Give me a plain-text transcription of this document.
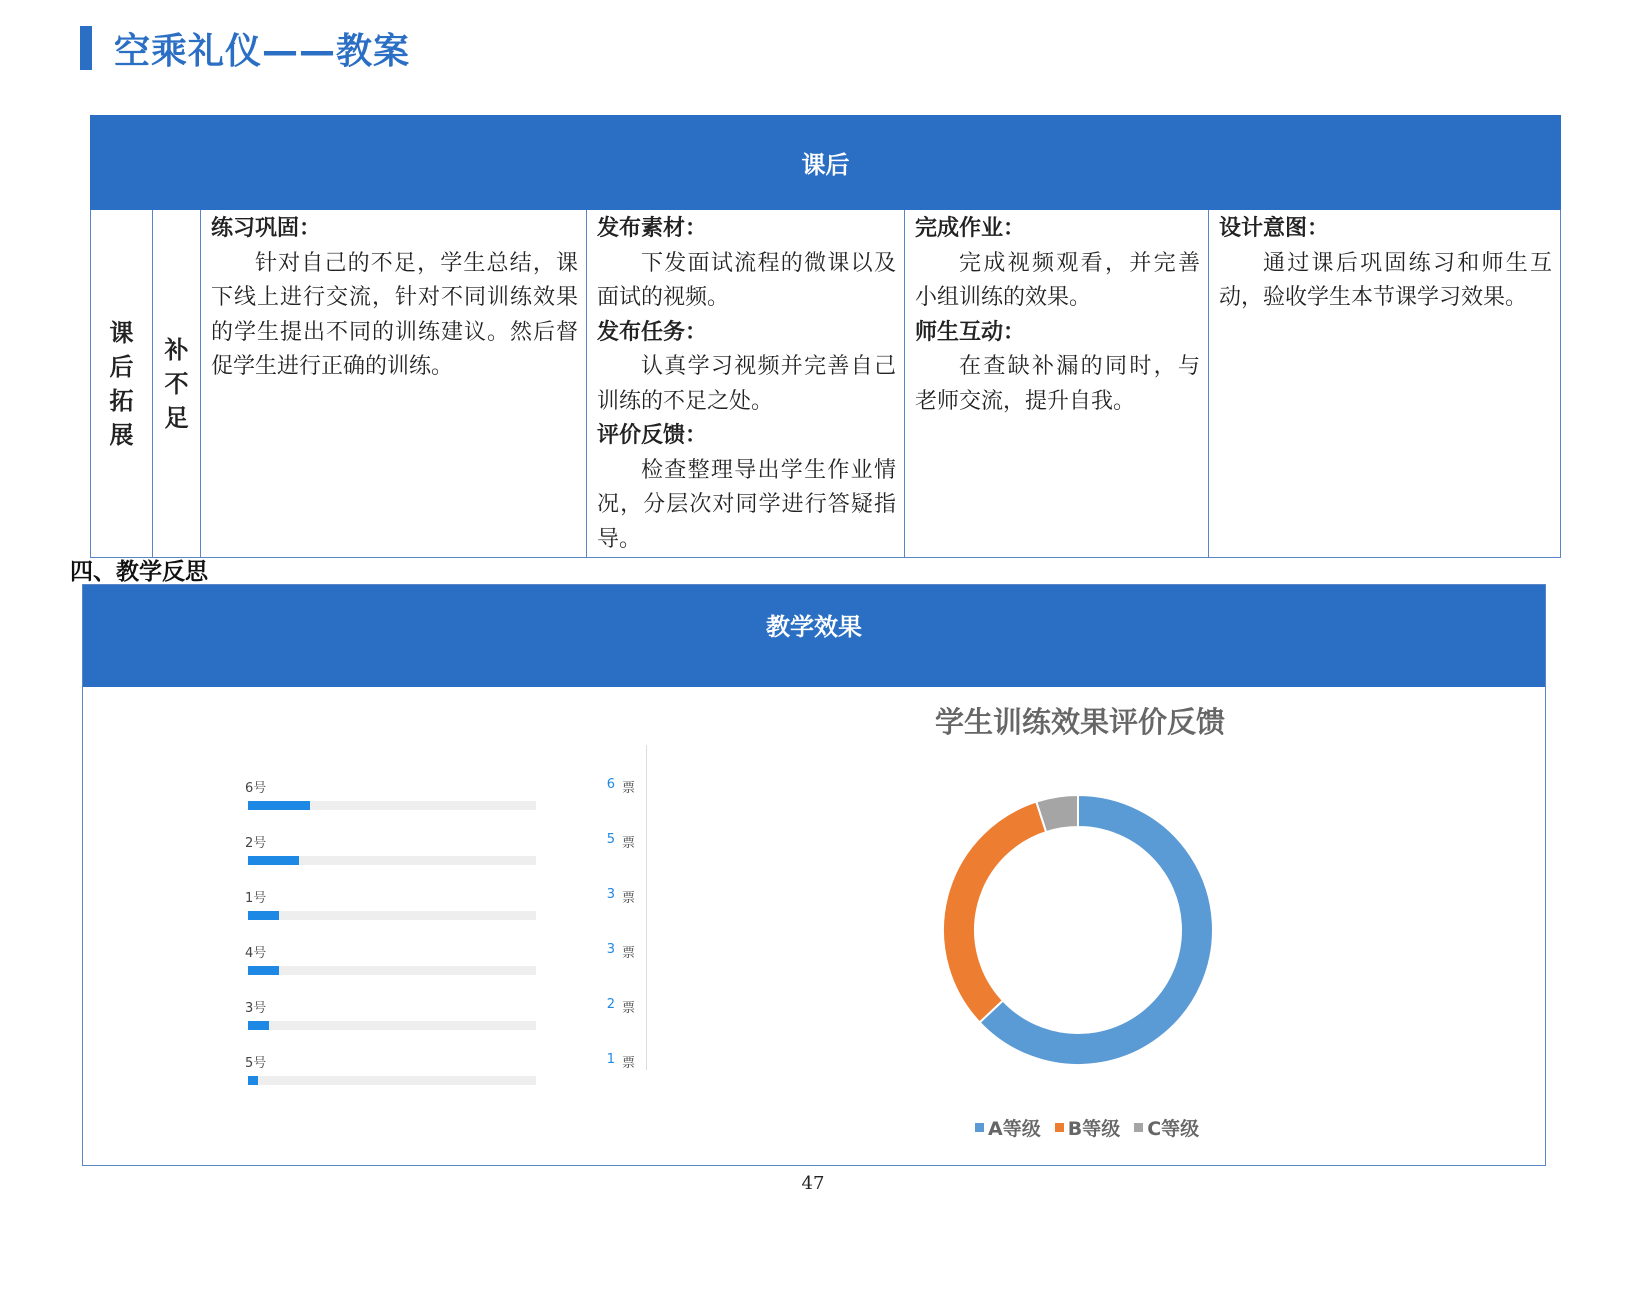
空乘礼仪——教案
课后
课后拓展	补不足	
练习巩固：
针对自己的不足，学生总结，课下线上进行交流，针对不同训练效果的学生提出不同的训练建议。然后督促学生进行正确的训练。

发布素材：
下发面试流程的微课以及面试的视频。
发布任务：
认真学习视频并完善自己训练的不足之处。
评价反馈：
检查整理导出学生作业情况，分层次对同学进行答疑指导。

完成作业：
完成视频观看，并完善小组训练的效果。
师生互动：
在查缺补漏的同时，与老师交流，提升自我。

设计意图：
通过课后巩固练习和师生互动，验收学生本节课学习效果。
四、教学反思
教学效果
6号	6 票
2号	5 票
1号	3 票
4号	3 票
3号	2 票
5号	1 票
学生训练效果评价反馈
A等级 B等级 C等级
47
